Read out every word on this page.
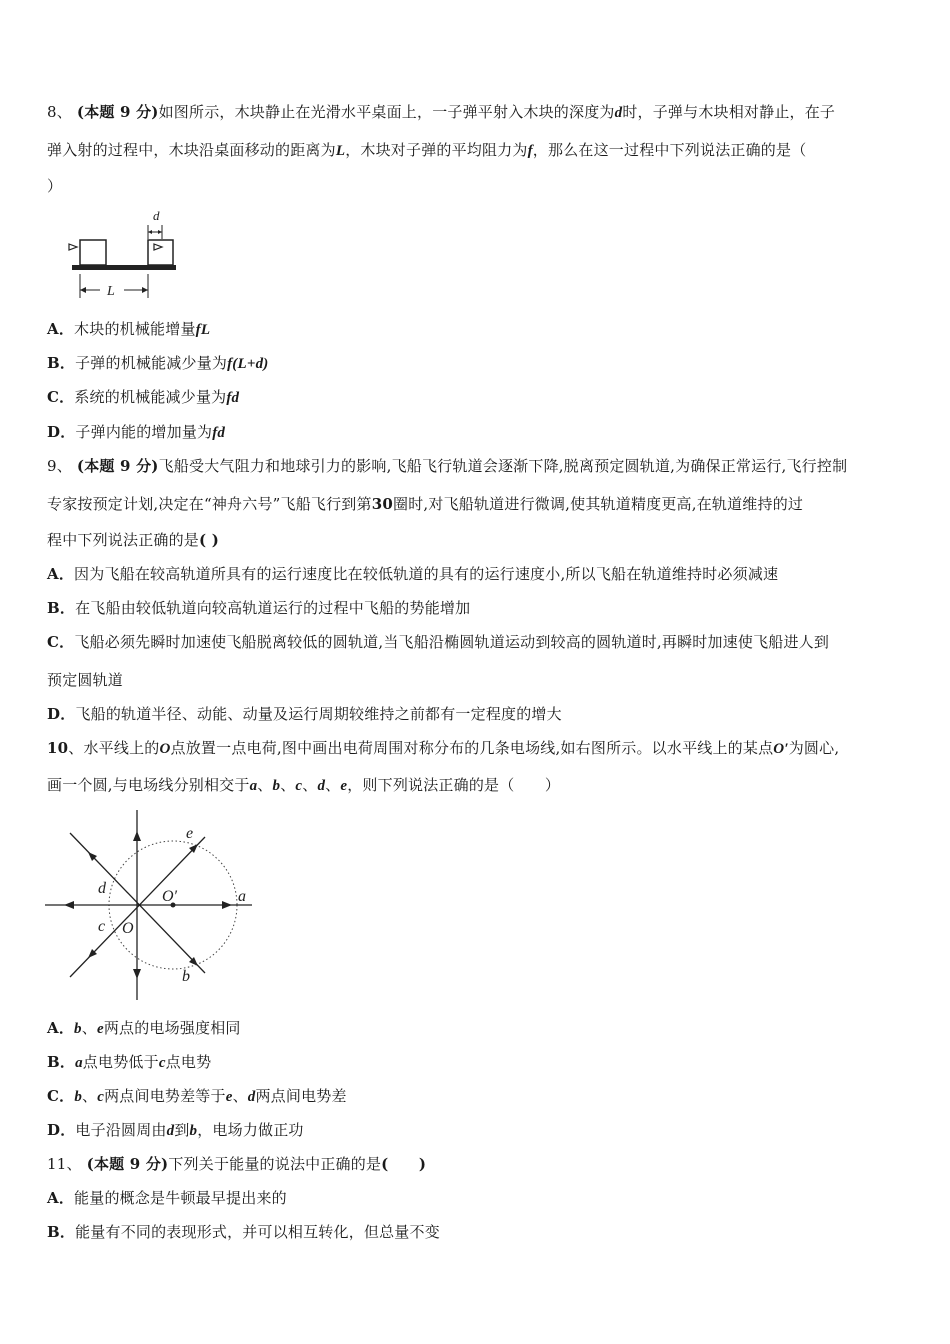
8、 (本题 9 分)如图所示，木块静止在光滑水平桌面上，一子弹平射入木块的深度为d时，子弹与木块相对静止，在子
弹入射的过程中，木块沿桌面移动的距离为L，木块对子弹的平均阻力为f，那么在这一过程中下列说法正确的是（
）
d
L
A．木块的机械能增量fL
B．子弹的机械能减少量为f(L+d)
C．系统的机械能减少量为fd
D．子弹内能的增加量为fd
9、 (本题 9 分)飞船受大气阻力和地球引力的影响,飞船飞行轨道会逐渐下降,脱离预定圆轨道,为确保正常运行,飞行控制
专家按预定计划,决定在“神舟六号”飞船飞行到第30圈时,对飞船轨道进行微调,使其轨道精度更高,在轨道维持的过
程中下列说法正确的是( )
A．因为飞船在较高轨道所具有的运行速度比在较低轨道的具有的运行速度小,所以飞船在轨道维持时必须减速
B．在飞船由较低轨道向较高轨道运行的过程中飞船的势能增加
C．飞船必须先瞬时加速使飞船脱离较低的圆轨道,当飞船沿椭圆轨道运动到较高的圆轨道时,再瞬时加速使飞船进人到
预定圆轨道
D．飞船的轨道半径、动能、动量及运行周期较维持之前都有一定程度的增大
10、水平线上的O点放置一点电荷,图中画出电荷周围对称分布的几条电场线,如右图所示。以水平线上的某点O′为圆心,
画一个圆,与电场线分别相交于a、b、c、d、e，则下列说法正确的是（　　）
e
d	O′	a
c O
b
A．b、e两点的电场强度相同
B．a点电势低于c点电势
C．b、c两点间电势差等于e、d两点间电势差
D．电子沿圆周由d到b，电场力做正功
11、 (本题 9 分)下列关于能量的说法中正确的是(　　)
A．能量的概念是牛顿最早提出来的
B．能量有不同的表现形式，并可以相互转化，但总量不变
